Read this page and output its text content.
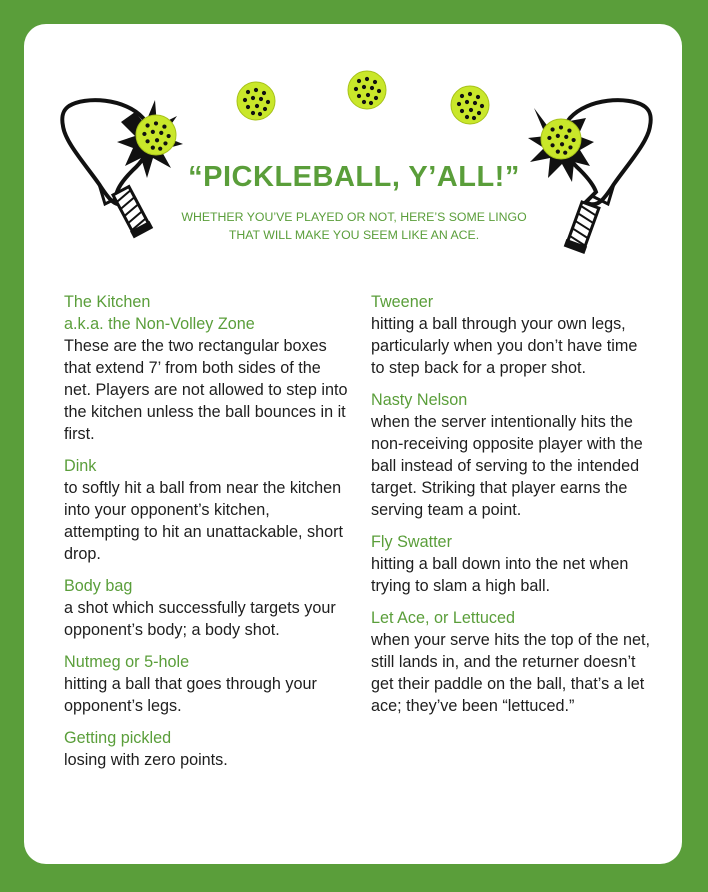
“PICKLEBALL, Y’ALL!”

WHETHER YOU’VE PLAYED OR NOT, HERE’S SOME LINGO THAT WILL MAKE YOU SEEM LIKE AN ACE.

The Kitchen
a.k.a. the Non-Volley Zone
These are the two rectangular boxes that extend 7’ from both sides of the net. Players are not allowed to step into the kitchen unless the ball bounces in it first.
Dink
to softly hit a ball from near the kitchen into your opponent’s kitchen, attempting to hit an unattackable, short drop.
Body bag
a shot which successfully targets your opponent’s body; a body shot.
Nutmeg or 5-hole
hitting a ball that goes through your opponent’s legs.
Getting pickled
losing with zero points.
Tweener
hitting a ball through your own legs, particularly when you don’t have time to step back for a proper shot.
Nasty Nelson
when the server intentionally hits the non-receiving opposite player with the ball instead of serving to the intended target. Striking that player earns the serving team a point.
Fly Swatter
hitting a ball down into the net when trying to slam a high ball.
Let Ace, or Lettuced
when your serve hits the top of the net, still lands in, and the returner doesn’t get their paddle on the ball, that’s a let ace; they’ve been “lettuced.”
